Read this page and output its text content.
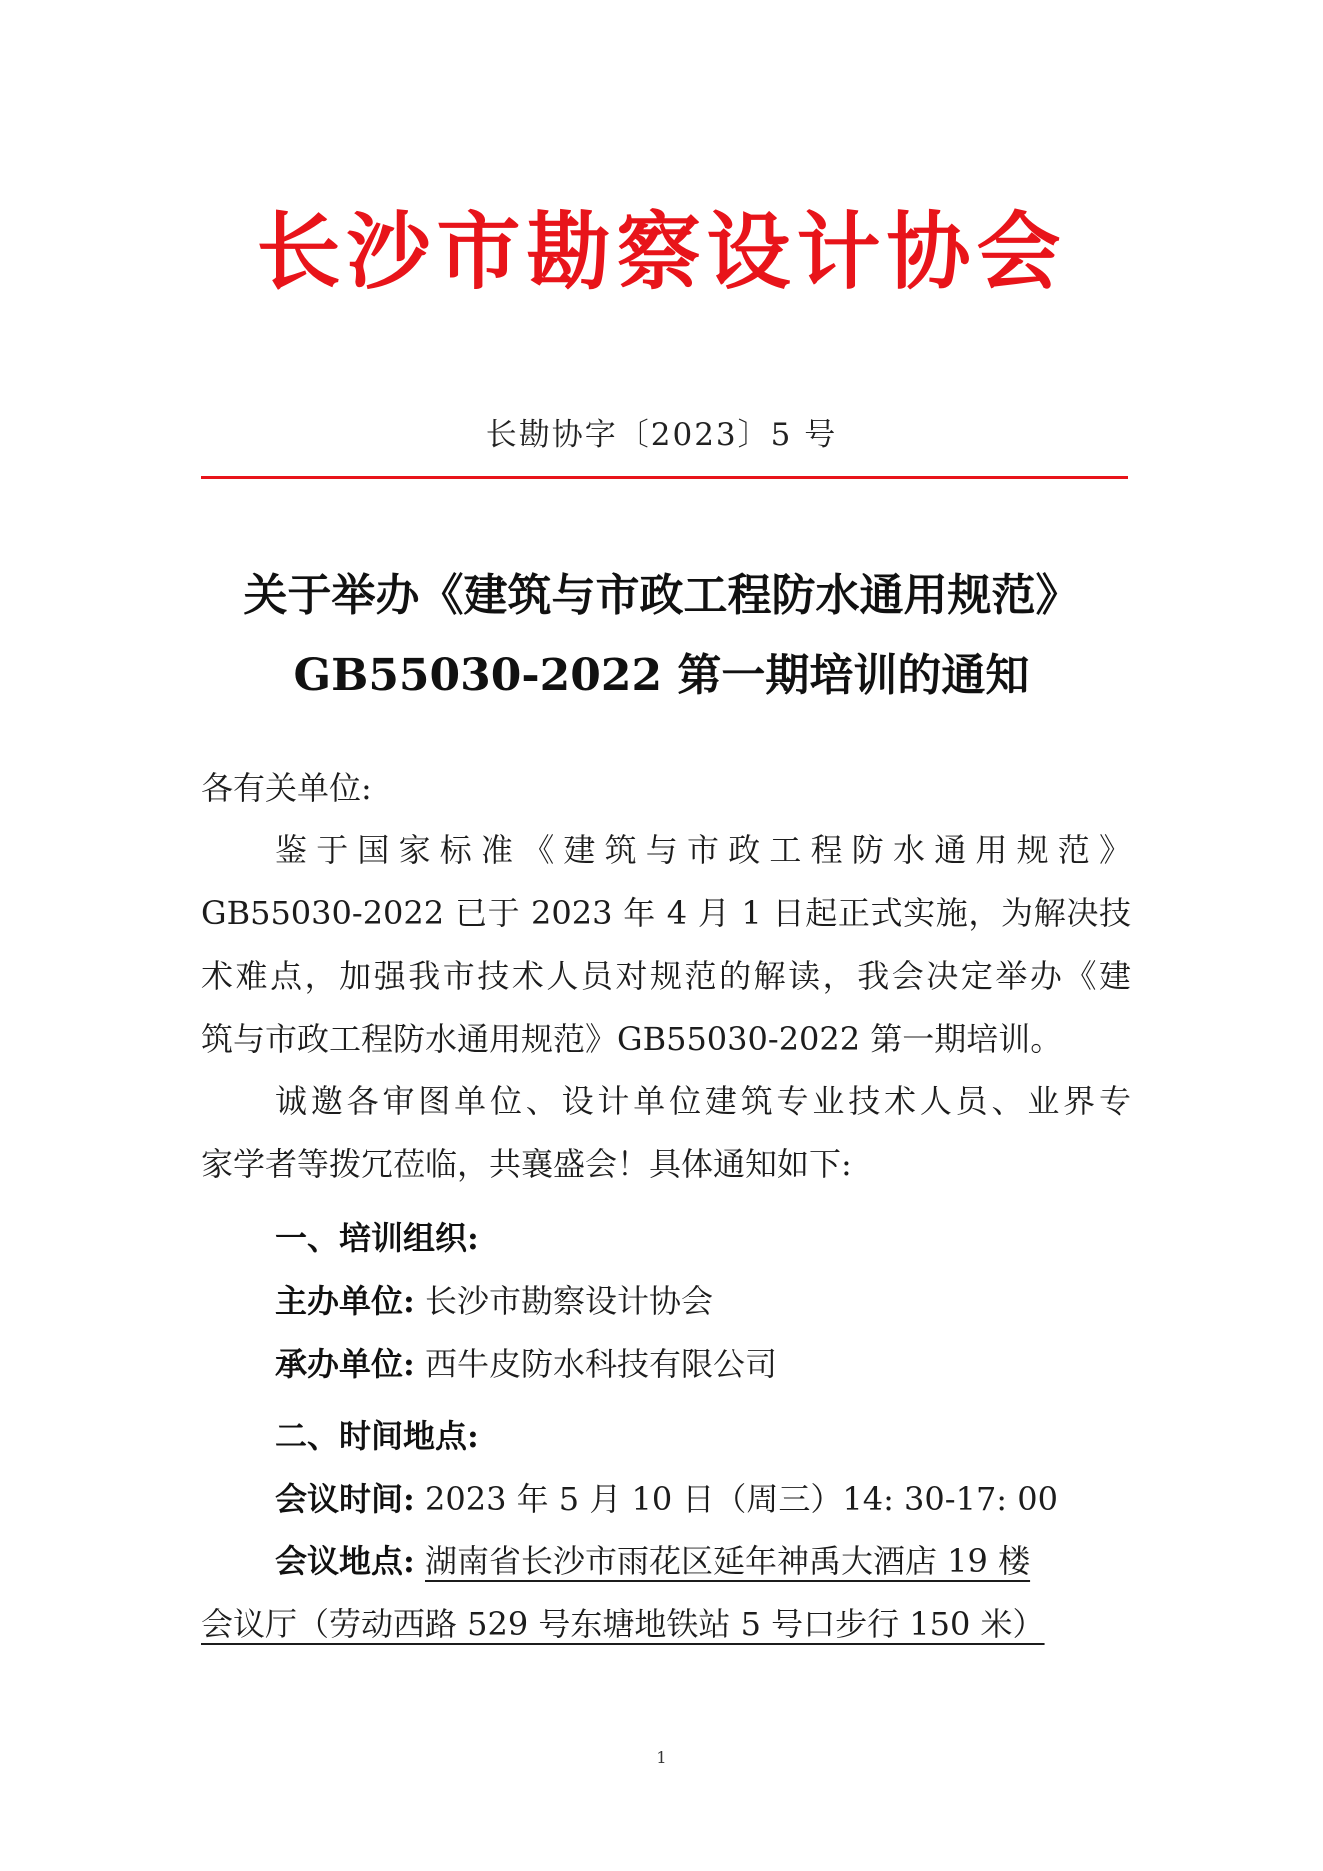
长沙市勘察设计协会
长勘协字〔2023〕5 号
关于举办《建筑与市政工程防水通用规范》
GB55030-2022 第一期培训的通知
各有关单位:
鉴于国家标准《建筑与市政工程防水通用规范》
GB55030-2022 已于 2023 年 4 月 1 日起正式实施，为解决技
术难点，加强我市技术人员对规范的解读，我会决定举办《建
筑与市政工程防水通用规范》GB55030-2022 第一期培训。
诚邀各审图单位、设计单位建筑专业技术人员、业界专
家学者等拨冗莅临，共襄盛会！具体通知如下:
一、培训组织:
主办单位: 长沙市勘察设计协会
承办单位: 西牛皮防水科技有限公司
二、时间地点:
会议时间: 2023 年 5 月 10 日（周三）14: 30-17: 00
会议地点: 湖南省长沙市雨花区延年神禹大酒店 19 楼
会议厅（劳动西路 529 号东塘地铁站 5 号口步行 150 米）
1
